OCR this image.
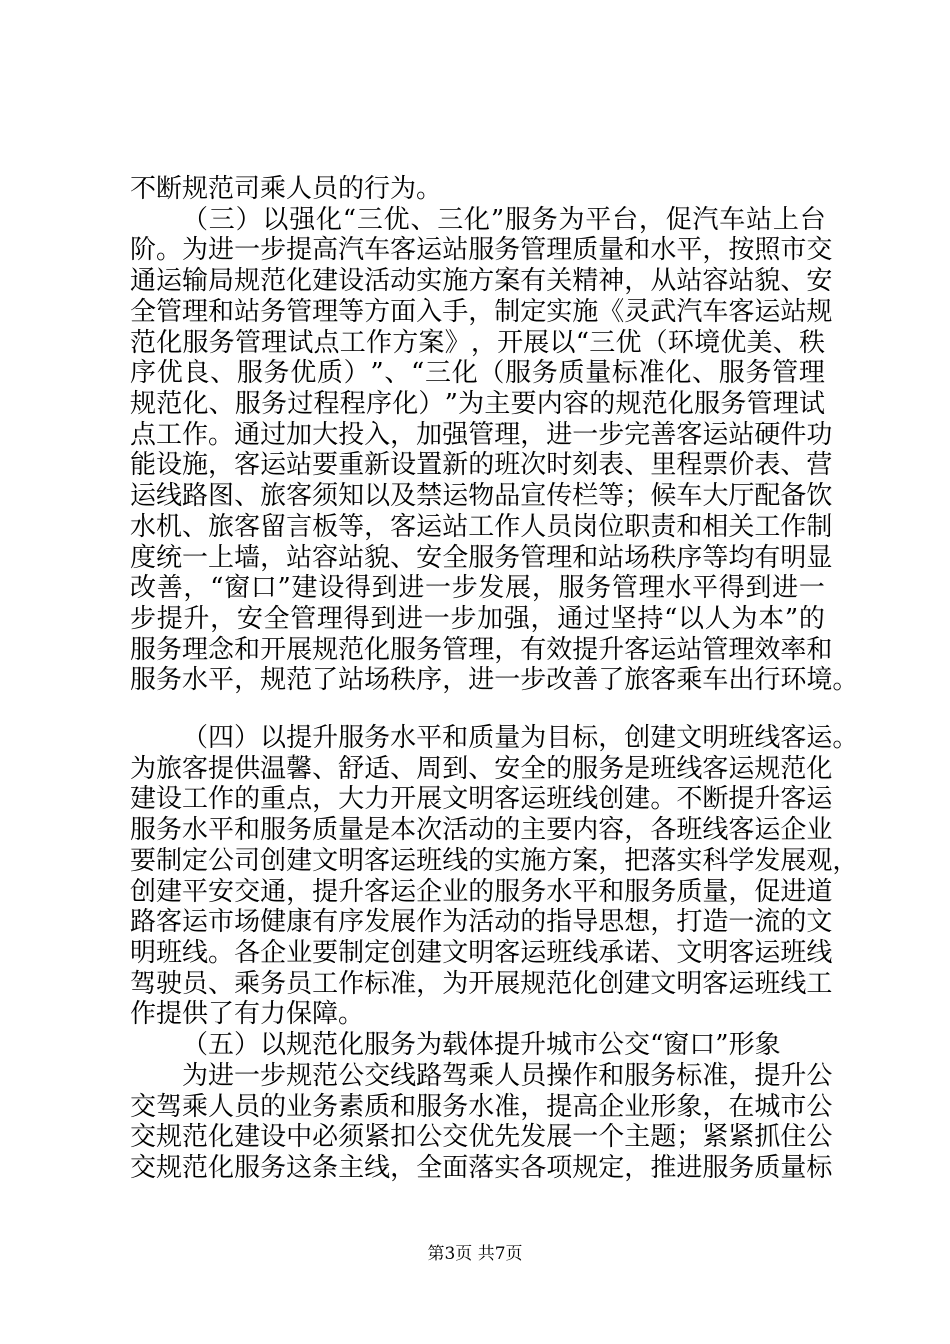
不断规范司乘人员的行为。
（ 三 ） 以 强 化 “ 三 优 、 三 化 ” 服 务 为 平 台 ， 促 汽 车 站 上 台
阶 。 为 进 一 步 提 高 汽 车 客 运 站 服 务 管 理 质 量 和 水 平 ， 按 照 市 交
通 运 输 局 规 范 化 建 设 活 动 实 施 方 案 有 关 精 神 ， 从 站 容 站 貌 、 安
全 管 理 和 站 务 管 理 等 方 面 入 手 ， 制 定 实 施 《 灵 武 汽 车 客 运 站 规
范 化 服 务 管 理 试 点 工 作 方 案 》 ， 开 展 以 “ 三 优 （ 环 境 优 美 、 秩
序 优 良 、 服 务 优 质 ） ” 、 “ 三 化 （ 服 务 质 量 标 准 化 、 服 务 管 理
规 范 化 、 服 务 过 程 程 序 化 ） ” 为 主 要 内 容 的 规 范 化 服 务 管 理 试
点 工 作 。 通 过 加 大 投 入 ， 加 强 管 理 ， 进 一 步 完 善 客 运 站 硬 件 功
能 设 施 ， 客 运 站 要 重 新 设 置 新 的 班 次 时 刻 表 、 里 程 票 价 表 、 营
运 线 路 图 、 旅 客 须 知 以 及 禁 运 物 品 宣 传 栏 等 ； 候 车 大 厅 配 备 饮
水 机 、 旅 客 留 言 板 等 ， 客 运 站 工 作 人 员 岗 位 职 责 和 相 关 工 作 制
度 统 一 上 墙 ， 站 容 站 貌 、 安 全 服 务 管 理 和 站 场 秩 序 等 均 有 明 显
改 善 ， “ 窗 口 ” 建 设 得 到 进 一 步 发 展 ， 服 务 管 理 水 平 得 到 进 一
步 提 升 ， 安 全 管 理 得 到 进 一 步 加 强 ， 通 过 坚 持 “ 以 人 为 本 ” 的
服 务 理 念 和 开 展 规 范 化 服 务 管 理 ， 有 效 提 升 客 运 站 管 理 效 率 和
服 务 水 平 ， 规 范 了 站 场 秩 序 ， 进 一 步 改 善 了 旅 客 乘 车 出 行 环 境 。
（ 四 ） 以 提 升 服 务 水 平 和 质 量 为 目 标 ， 创 建 文 明 班 线 客 运 。
为 旅 客 提 供 温 馨 、 舒 适 、 周 到 、 安 全 的 服 务 是 班 线 客 运 规 范 化
建 设 工 作 的 重 点 ， 大 力 开 展 文 明 客 运 班 线 创 建 。 不 断 提 升 客 运
服 务 水 平 和 服 务 质 量 是 本 次 活 动 的 主 要 内 容 ， 各 班 线 客 运 企 业
要 制 定 公 司 创 建 文 明 客 运 班 线 的 实 施 方 案 ， 把 落 实 科 学 发 展 观 ，
创 建 平 安 交 通 ， 提 升 客 运 企 业 的 服 务 水 平 和 服 务 质 量 ， 促 进 道
路 客 运 市 场 健 康 有 序 发 展 作 为 活 动 的 指 导 思 想 ， 打 造 一 流 的 文
明 班 线 。 各 企 业 要 制 定 创 建 文 明 客 运 班 线 承 诺 、 文 明 客 运 班 线
驾 驶 员 、 乘 务 员 工 作 标 准 ， 为 开 展 规 范 化 创 建 文 明 客 运 班 线 工
作提供了有力保障。
（五）以规范化服务为载体提升城市公交“窗口”形象
为 进 一 步 规 范 公 交 线 路 驾 乘 人 员 操 作 和 服 务 标 准 ， 提 升 公
交 驾 乘 人 员 的 业 务 素 质 和 服 务 水 准 ， 提 高 企 业 形 象 ， 在 城 市 公
交 规 范 化 建 设 中 必 须 紧 扣 公 交 优 先 发 展 一 个 主 题 ； 紧 紧 抓 住 公
交 规 范 化 服 务 这 条 主 线 ， 全 面 落 实 各 项 规 定 ， 推 进 服 务 质 量 标
第3页 共7页
